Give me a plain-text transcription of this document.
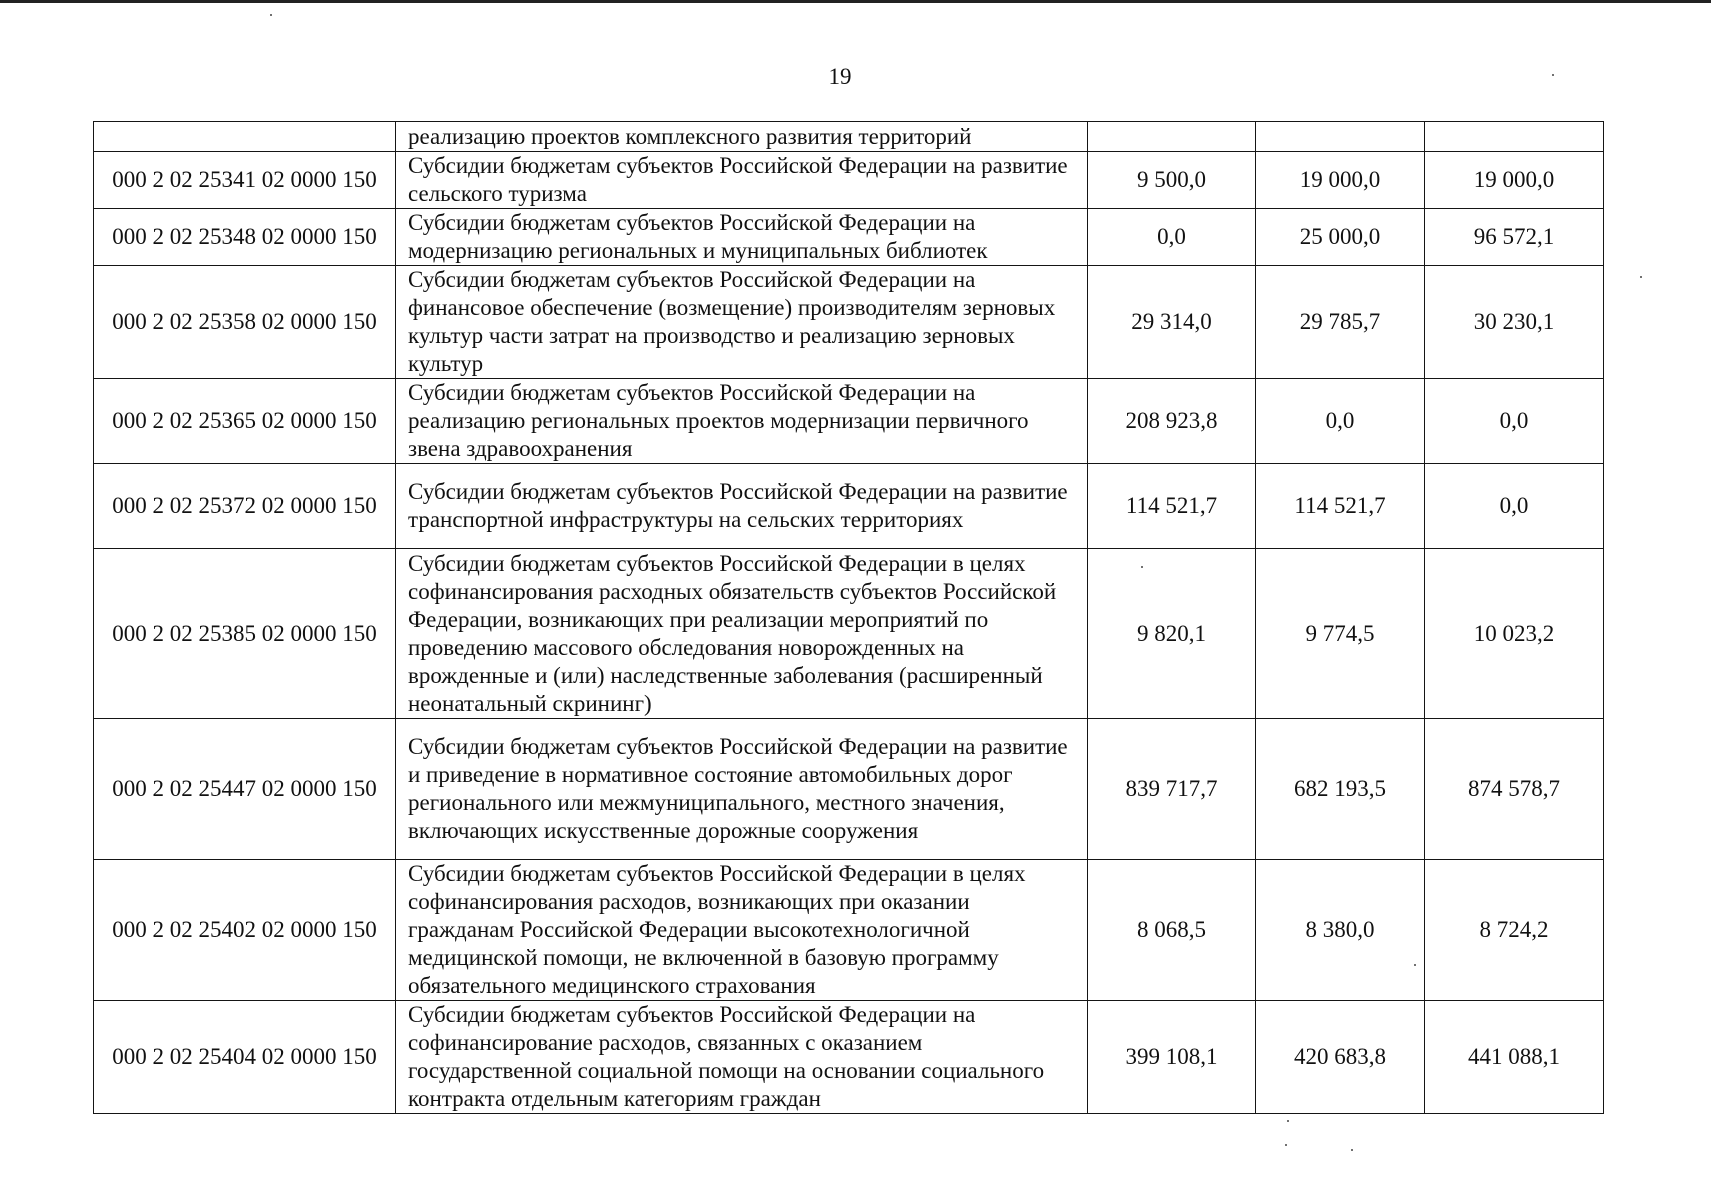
19
	реализацию проектов комплексного развития территорий			
000 2 02 25341 02 0000 150	Субсидии бюджетам субъектов Российской Федерации на развитие сельского туризма	9 500,0	19 000,0	19 000,0
000 2 02 25348 02 0000 150	Субсидии бюджетам субъектов Российской Федерации на модернизацию региональных и муниципальных библиотек	0,0	25 000,0	96 572,1
000 2 02 25358 02 0000 150	Субсидии бюджетам субъектов Российской Федерации на финансовое обеспечение (возмещение) производителям зерновых культур части затрат на производство и реализацию зерновых культур	29 314,0	29 785,7	30 230,1
000 2 02 25365 02 0000 150	Субсидии бюджетам субъектов Российской Федерации на реализацию региональных проектов модернизации первичного звена здравоохранения	208 923,8	0,0	0,0
000 2 02 25372 02 0000 150	Субсидии бюджетам субъектов Российской Федерации на развитие транспортной инфраструктуры на сельских территориях	114 521,7	114 521,7	0,0
000 2 02 25385 02 0000 150	Субсидии бюджетам субъектов Российской Федерации в целях софинансирования расходных обязательств субъектов Российской Федерации, возникающих при реализации мероприятий по проведению массового обследования новорожденных на врожденные и (или) наследственные заболевания (расширенный неонатальный скрининг)	9 820,1	9 774,5	10 023,2
000 2 02 25447 02 0000 150	Субсидии бюджетам субъектов Российской Федерации на развитие и приведение в нормативное состояние автомобильных дорог регионального или межмуниципального, местного значения, включающих искусственные дорожные сооружения	839 717,7	682 193,5	874 578,7
000 2 02 25402 02 0000 150	Субсидии бюджетам субъектов Российской Федерации в целях софинансирования расходов, возникающих при оказании гражданам Российской Федерации высокотехнологичной медицинской помощи, не включенной в базовую программу обязательного медицинского страхования	8 068,5	8 380,0	8 724,2
000 2 02 25404 02 0000 150	Субсидии бюджетам субъектов Российской Федерации на софинансирование расходов, связанных с оказанием государственной социальной помощи на основании социального контракта отдельным категориям граждан	399 108,1	420 683,8	441 088,1
